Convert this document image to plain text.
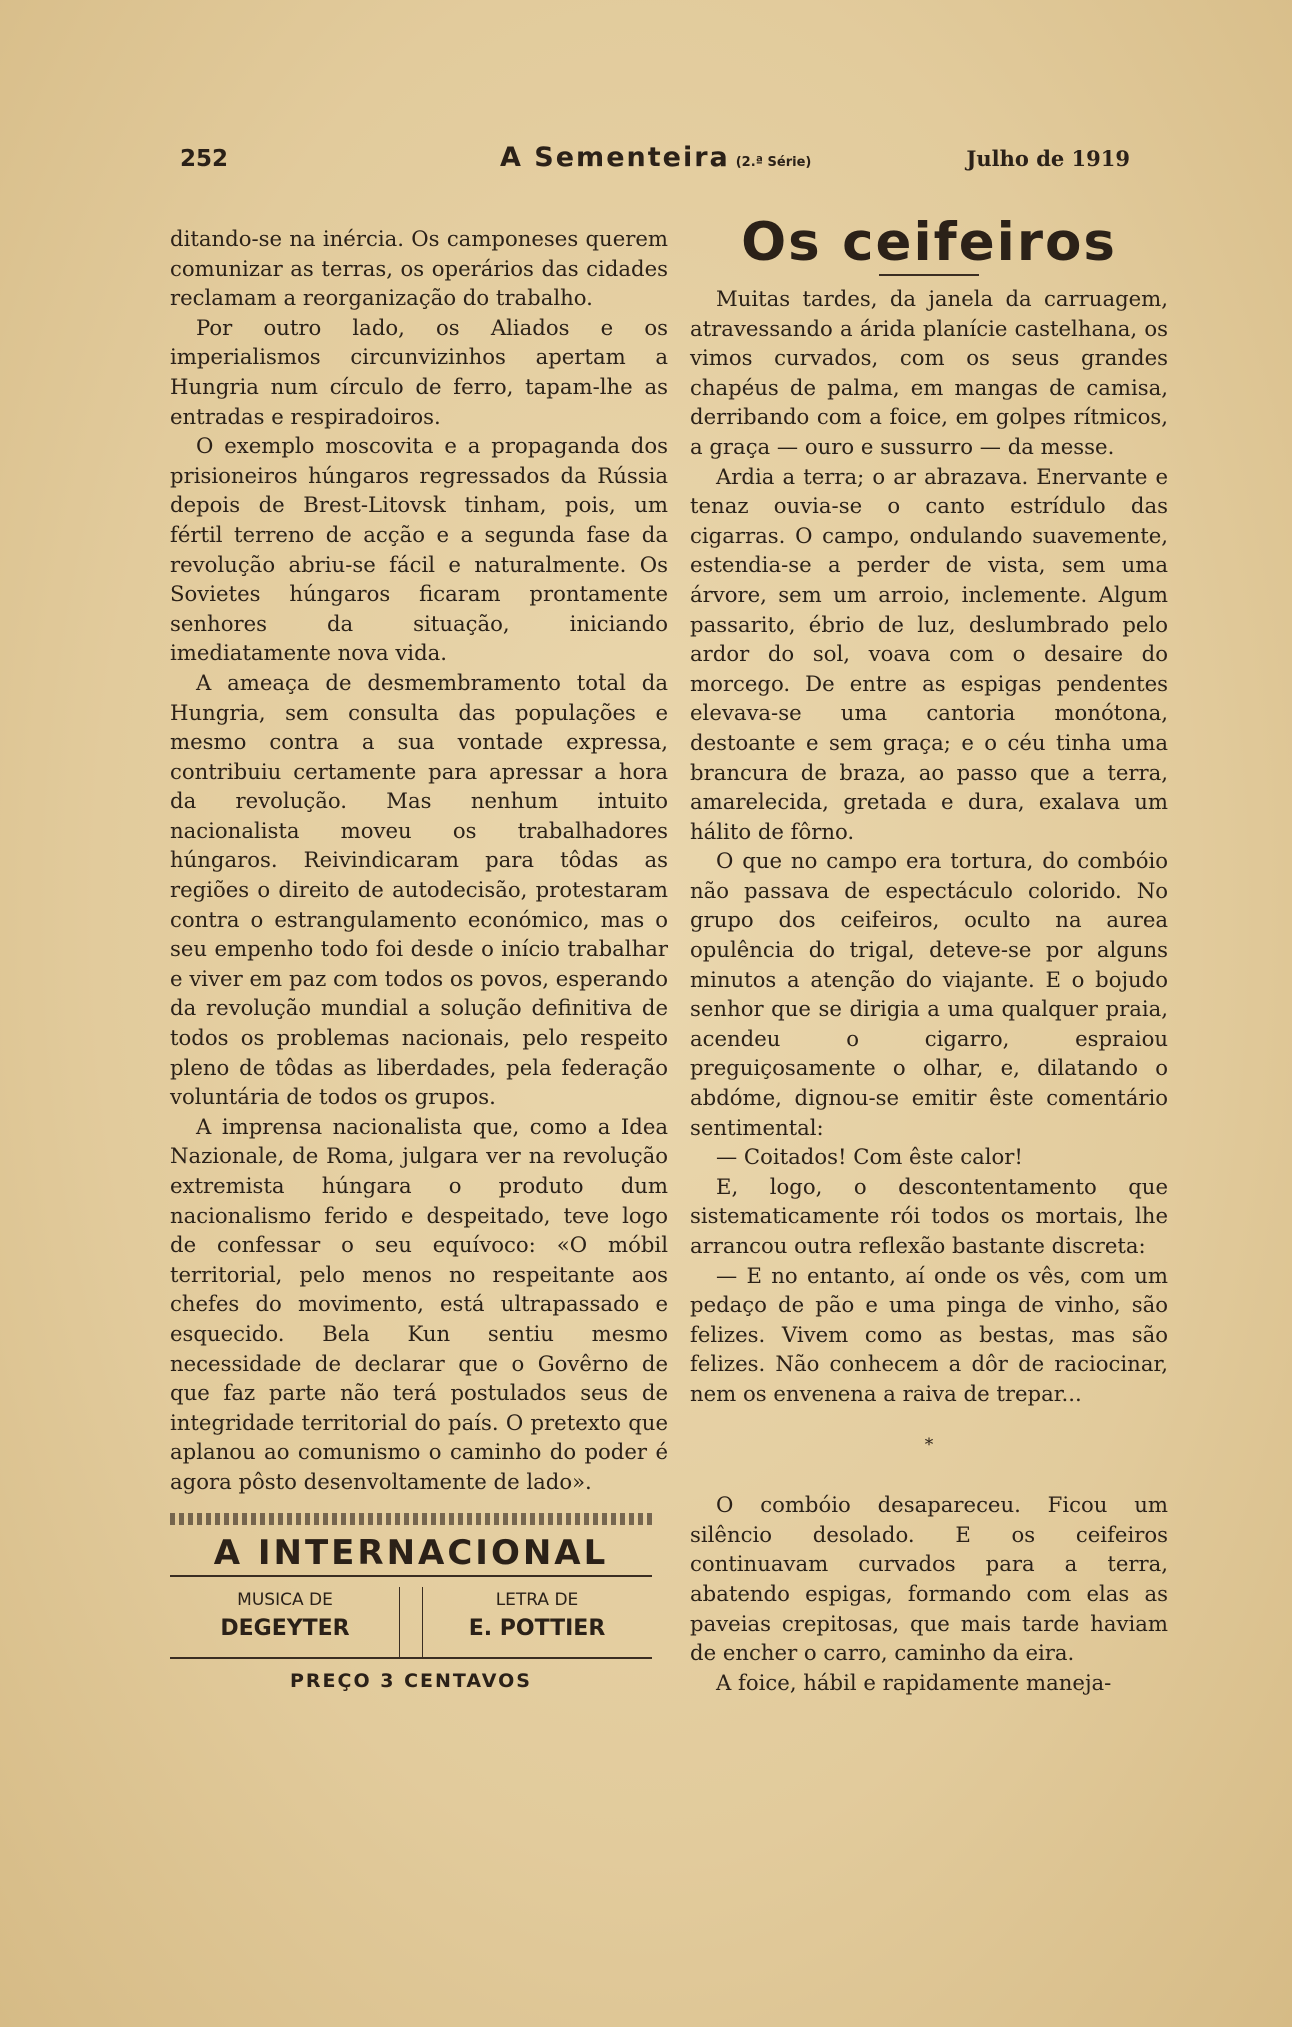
252	A Sementeira (2.ª Série)	Julho de 1919

ditando-se na inércia. Os camponeses querem comunizar as terras, os operários das cidades reclamam a reorganização do trabalho.

Por outro lado, os Aliados e os imperialismos circunvizinhos apertam a Hungria num círculo de ferro, tapam-lhe as entradas e respiradoiros.

O exemplo moscovita e a propaganda dos prisioneiros húngaros regressados da Rússia depois de Brest-Litovsk tinham, pois, um fértil terreno de acção e a segunda fase da revolução abriu-se fácil e naturalmente. Os Sovietes húngaros ficaram prontamente senhores da situação, iniciando imediatamente nova vida.

A ameaça de desmembramento total da Hungria, sem consulta das populações e mesmo contra a sua vontade expressa, contribuiu certamente para apressar a hora da revolução. Mas nenhum intuito nacionalista moveu os trabalhadores húngaros. Reivindicaram para tôdas as regiões o direito de autodecisão, protestaram contra o estrangulamento económico, mas o seu empenho todo foi desde o início trabalhar e viver em paz com todos os povos, esperando da revolução mundial a solução definitiva de todos os problemas nacionais, pelo respeito pleno de tôdas as liberdades, pela federação voluntária de todos os grupos.

A imprensa nacionalista que, como a Idea Nazionale, de Roma, julgara ver na revolução extremista húngara o produto dum nacionalismo ferido e despeitado, teve logo de confessar o seu equívoco: «O móbil territorial, pelo menos no respeitante aos chefes do movimento, está ultrapassado e esquecido. Bela Kun sentiu mesmo necessidade de declarar que o Govêrno de que faz parte não terá postulados seus de integridade territorial do país. O pretexto que aplanou ao comunismo o caminho do poder é agora pôsto desenvoltamente de lado».

A INTERNACIONAL
MUSICA DE
DEGEYTER
LETRA DE
E. POTTIER
PREÇO 3 CENTAVOS
Os ceifeiros

Muitas tardes, da janela da carruagem, atravessando a árida planície castelhana, os vimos curvados, com os seus grandes chapéus de palma, em mangas de camisa, derribando com a foice, em golpes rítmicos, a graça — ouro e sussurro — da messe.

Ardia a terra; o ar abrazava. Enervante e tenaz ouvia-se o canto estrídulo das cigarras. O campo, ondulando suavemente, estendia-se a perder de vista, sem uma árvore, sem um arroio, inclemente. Algum passarito, ébrio de luz, deslumbrado pelo ardor do sol, voava com o desaire do morcego. De entre as espigas pendentes elevava-se uma cantoria monótona, destoante e sem graça; e o céu tinha uma brancura de braza, ao passo que a terra, amarelecida, gretada e dura, exalava um hálito de fôrno.

O que no campo era tortura, do combóio não passava de espectáculo colorido. No grupo dos ceifeiros, oculto na aurea opulência do trigal, deteve-se por alguns minutos a atenção do viajante. E o bojudo senhor que se dirigia a uma qualquer praia, acendeu o cigarro, espraiou preguiçosamente o olhar, e, dilatando o abdóme, dignou-se emitir êste comentário sentimental:

— Coitados! Com êste calor!

E, logo, o descontentamento que sistematicamente rói todos os mortais, lhe arrancou outra reflexão bastante discreta:

— E no entanto, aí onde os vês, com um pedaço de pão e uma pinga de vinho, são felizes. Vivem como as bestas, mas são felizes. Não conhecem a dôr de raciocinar, nem os envenena a raiva de trepar...

*

O combóio desapareceu. Ficou um silêncio desolado. E os ceifeiros continuavam curvados para a terra, abatendo espigas, formando com elas as paveias crepitosas, que mais tarde haviam de encher o carro, caminho da eira.

A foice, hábil e rapidamente maneja-
